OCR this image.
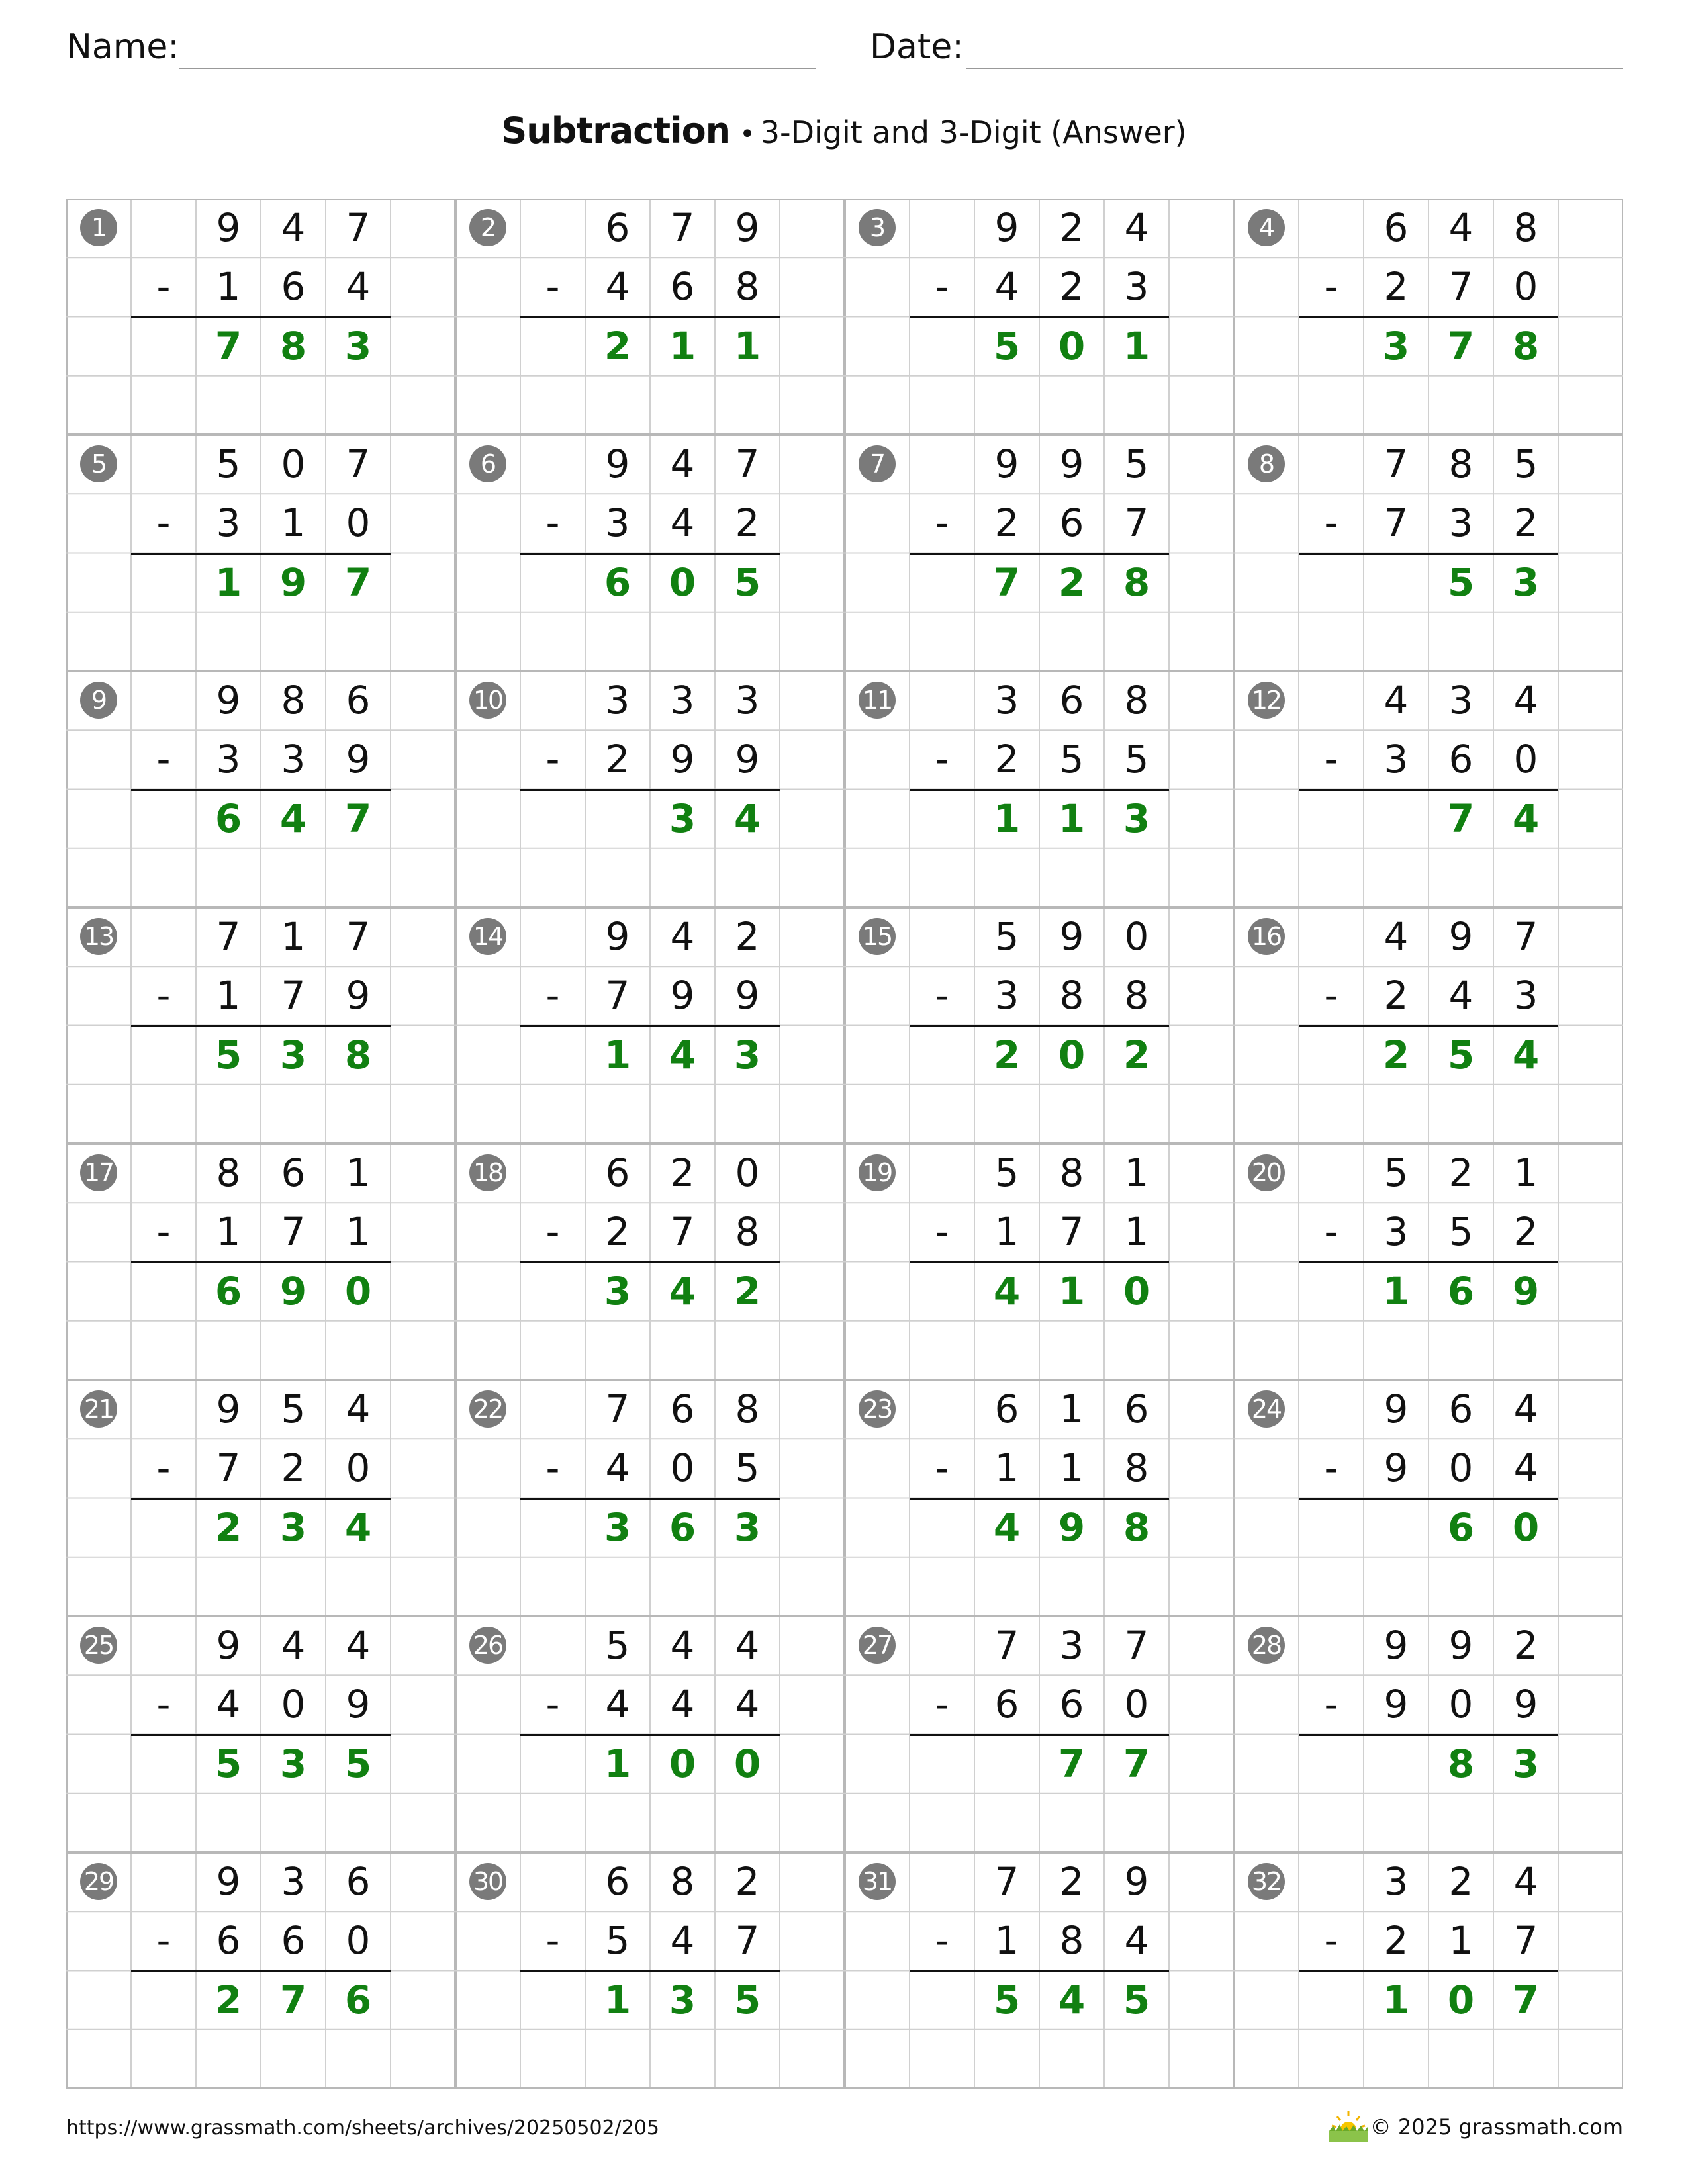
Name:	Date:
Subtraction • 3-Digit and 3-Digit (Answer)
1	9	4	7
-	1	6	4
7 8 3
2	6	7	9
-	4	6	8
2 1 1
3	9	2	4
-	4	2	3
5 0 1
4	6	4	8
-	2	7	0
3 7 8
5	5	0	7
-	3	1	0
1 9 7
6	9	4	7
-	3	4	2
6 0 5
7	9	9	5
-	2	6	7
7 2 8
8	7	8	5
-	7	3	2
5 3
9	9	8	6
-	3	3	9
6 4 7
10	3	3	3
-	2	9	9
3 4
11	3	6	8
-	2	5	5
1 1 3
12	4	3	4
-	3	6	0
7 4
13	7	1	7
-	1	7	9
5 3 8
14	9	4	2
-	7	9	9
1 4 3
15	5	9	0
-	3	8	8
2 0 2
16	4	9	7
-	2	4	3
2 5 4
17	8	6	1
-	1	7	1
6 9 0
18	6	2	0
-	2	7	8
3 4 2
19	5	8	1
-	1	7	1
4 1 0
20	5	2	1
-	3	5	2
1 6 9
21	9	5	4
-	7	2	0
2 3 4
22	7	6	8
-	4	0	5
3 6 3
23	6	1	6
-	1	1	8
4 9 8
24	9	6	4
-	9	0	4
6 0
25	9	4	4
-	4	0	9
5 3 5
26	5	4	4
-	4	4	4
1 0 0
27	7	3	7
-	6	6	0
7 7
28	9	9	2
-	9	0	9
8 3
29	9	3	6
-	6	6	0
2 7 6
30	6	8	2
-	5	4	7
1 3 5
31	7	2	9
-	1	8	4
5 4 5
32	3	2	4
-	2	1	7
1 0 7
https://www.grassmath.com/sheets/archives/20250502/205	© 2025 grassmath.com
